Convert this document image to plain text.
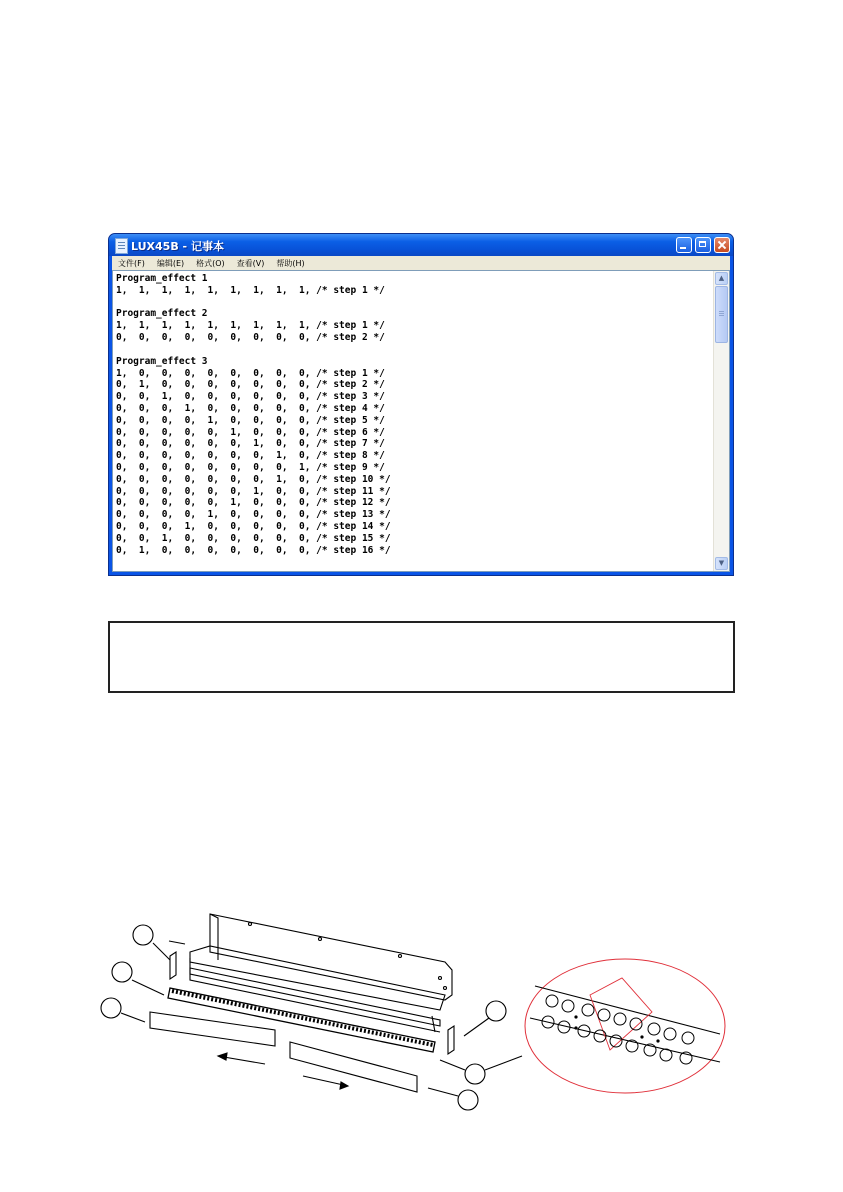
LUX45B - 记事本
文件(F) 编辑(E) 格式(O) 查看(V) 帮助(H)
Program_effect 1
1,  1,  1,  1,  1,  1,  1,  1,  1, /* step 1 */

Program_effect 2
1,  1,  1,  1,  1,  1,  1,  1,  1, /* step 1 */
0,  0,  0,  0,  0,  0,  0,  0,  0, /* step 2 */

Program_effect 3
1,  0,  0,  0,  0,  0,  0,  0,  0, /* step 1 */
0,  1,  0,  0,  0,  0,  0,  0,  0, /* step 2 */
0,  0,  1,  0,  0,  0,  0,  0,  0, /* step 3 */
0,  0,  0,  1,  0,  0,  0,  0,  0, /* step 4 */
0,  0,  0,  0,  1,  0,  0,  0,  0, /* step 5 */
0,  0,  0,  0,  0,  1,  0,  0,  0, /* step 6 */
0,  0,  0,  0,  0,  0,  1,  0,  0, /* step 7 */
0,  0,  0,  0,  0,  0,  0,  1,  0, /* step 8 */
0,  0,  0,  0,  0,  0,  0,  0,  1, /* step 9 */
0,  0,  0,  0,  0,  0,  0,  1,  0, /* step 10 */
0,  0,  0,  0,  0,  0,  1,  0,  0, /* step 11 */
0,  0,  0,  0,  0,  1,  0,  0,  0, /* step 12 */
0,  0,  0,  0,  1,  0,  0,  0,  0, /* step 13 */
0,  0,  0,  1,  0,  0,  0,  0,  0, /* step 14 */
0,  0,  1,  0,  0,  0,  0,  0,  0, /* step 15 */
0,  1,  0,  0,  0,  0,  0,  0,  0, /* step 16 */
▲
▼
